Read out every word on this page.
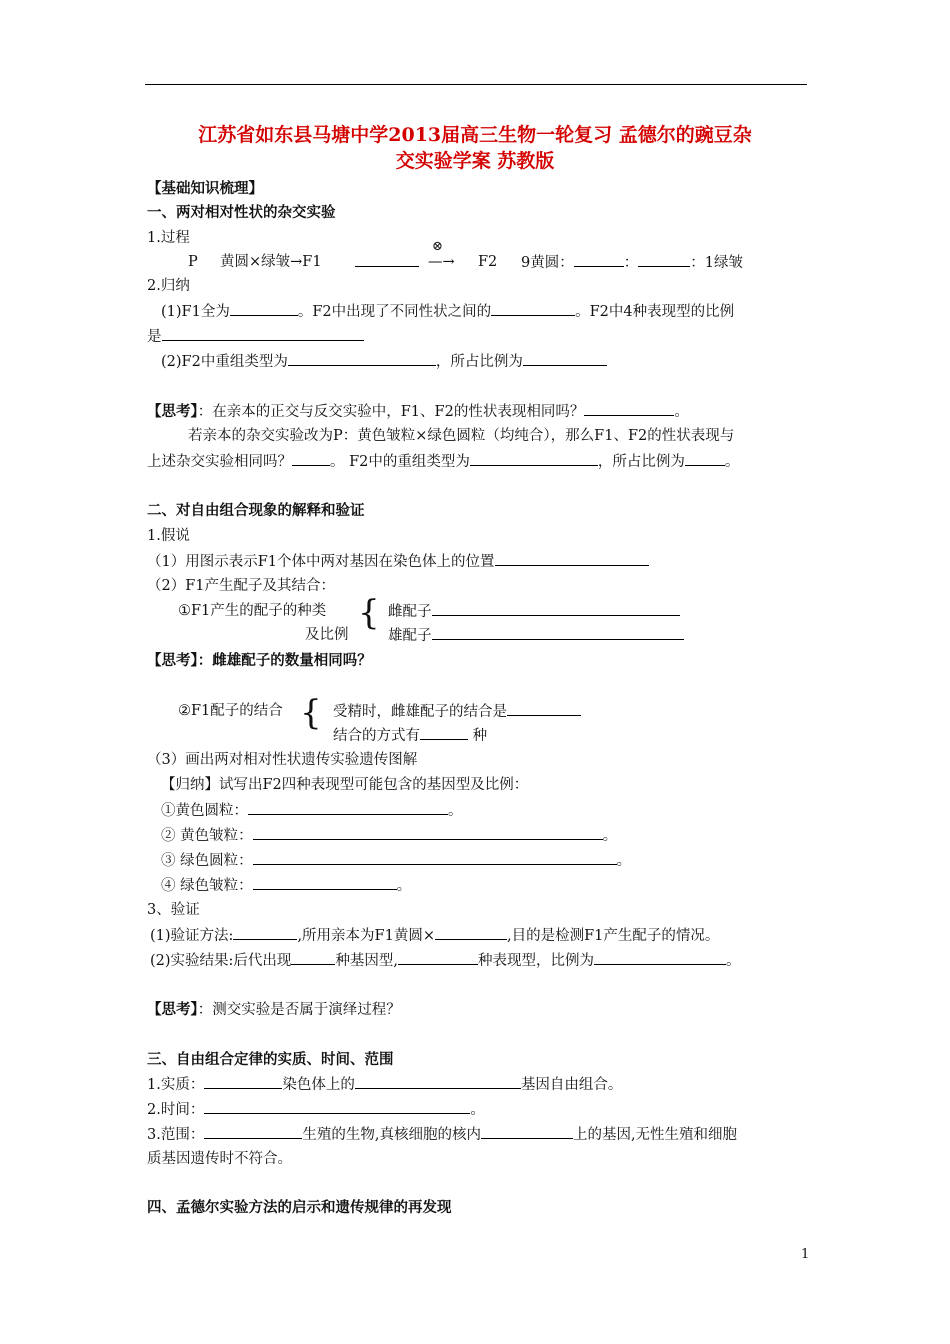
江苏省如东县马塘中学2013届高三生物一轮复习 孟德尔的豌豆杂
交实验学案 苏教版
【基础知识梳理】
一、两对相对性状的杂交实验
1.过程
P 黄圆×绿皱→F1
⊗
—→ F2 9黄圆：	：	：1绿皱
2.归纳
(1)F1全为	。F2中出现了不同性状之间的	。F2中4种表现型的比例
是
(2)F2中重组类型为	，所占比例为
【思考】：在亲本的正交与反交实验中，F1、F2的性状表现相同吗？	。
若亲本的杂交实验改为P：黄色皱粒×绿色圆粒（均纯合），那么F1、F2的性状表现与
上述杂交实验相同吗？	。 F2中的重组类型为	，所占比例为	。
二、对自由组合现象的解释和验证
1.假说
（1）用图示表示F1个体中两对基因在染色体上的位置
（2）F1产生配子及其结合：
①F1产生的配子的种类
及比例
{ 雌配子
雄配子
【思考】：雌雄配子的数量相同吗？
②F1配子的结合 { 受精时，雌雄配子的结合是
结合的方式有	种
（3）画出两对相对性状遗传实验遗传图解
【归纳】试写出F2四种表现型可能包含的基因型及比例：
①黄色圆粒：	。
② 黄色皱粒：	。
③ 绿色圆粒：	。
④ 绿色皱粒：	。
3、验证
(1)验证方法:	,所用亲本为F1黄圆×	,目的是检测F1产生配子的情况。
(2)实验结果:后代出现	种基因型,	种表现型，比例为	。
【思考】：测交实验是否属于演绎过程？
三、自由组合定律的实质、时间、范围
1.实质：	染色体上的	基因自由组合。
2.时间：	。
3.范围：	生殖的生物,真核细胞的核内	上的基因,无性生殖和细胞
质基因遗传时不符合。
四、孟德尔实验方法的启示和遗传规律的再发现
1
